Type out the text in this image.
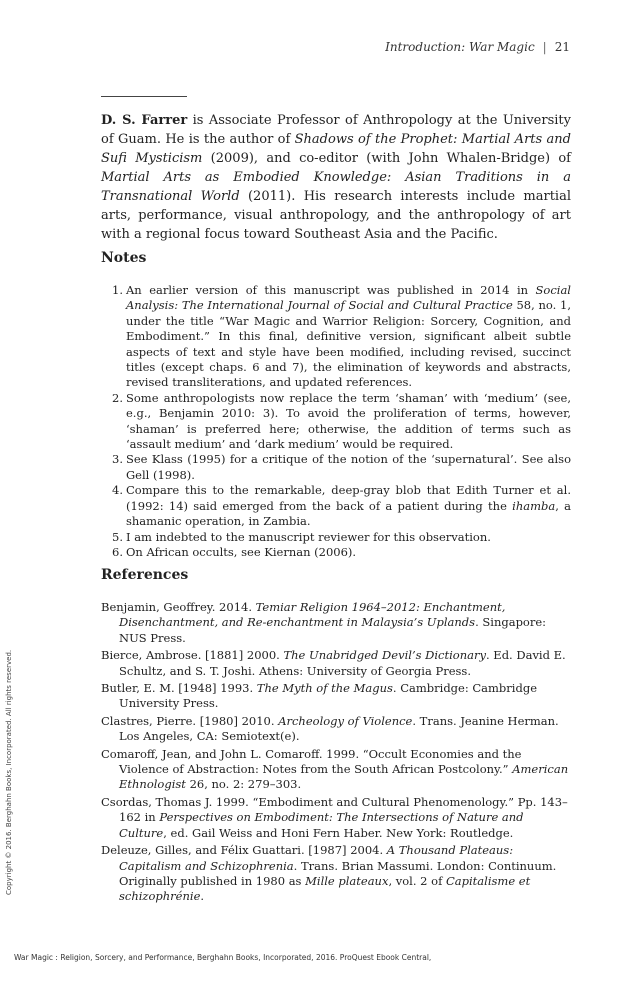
Introduction: War Magic | 21

D. S. Farrer is Associate Professor of Anthropology at the University of Guam. He is the author of Shadows of the Prophet: Martial Arts and Sufi Mysticism (2009), and co-editor (with John Whalen-Bridge) of Martial Arts as Embodied Knowledge: Asian Traditions in a Transnational World (2011). His research interests include martial arts, performance, visual anthropology, and the anthropology of art with a regional focus toward Southeast Asia and the Pacific.

Notes
1. An earlier version of this manuscript was published in 2014 in Social Analysis: The International Journal of Social and Cultural Practice 58, no. 1, under the title “War Magic and Warrior Religion: Sorcery, Cognition, and Embodiment.” In this final, definitive version, significant albeit subtle aspects of text and style have been modified, including revised, succinct titles (except chaps. 6 and 7), the elimination of keywords and abstracts, revised transliterations, and updated references.
2. Some anthropologists now replace the term ‘shaman’ with ‘medium’ (see, e.g., Benjamin 2010: 3). To avoid the proliferation of terms, however, ‘shaman’ is preferred here; otherwise, the addition of terms such as ‘assault medium’ and ‘dark medium’ would be required.
3. See Klass (1995) for a critique of the notion of the ‘supernatural’. See also Gell (1998).
4. Compare this to the remarkable, deep-gray blob that Edith Turner et al. (1992: 14) said emerged from the back of a patient during the ihamba, a shamanic operation, in Zambia.
5. I am indebted to the manuscript reviewer for this observation.
6. On African occults, see Kiernan (2006).
References
Benjamin, Geoffrey. 2014. Temiar Religion 1964–2012: Enchantment, Disenchantment, and Re-enchantment in Malaysia’s Uplands. Singapore: NUS Press.
Bierce, Ambrose. [1881] 2000. The Unabridged Devil’s Dictionary. Ed. David E. Schultz, and S. T. Joshi. Athens: University of Georgia Press.
Butler, E. M. [1948] 1993. The Myth of the Magus. Cambridge: Cambridge University Press.
Clastres, Pierre. [1980] 2010. Archeology of Violence. Trans. Jeanine Herman. Los Angeles, CA: Semiotext(e).
Comaroff, Jean, and John L. Comaroff. 1999. “Occult Economies and the Violence of Abstraction: Notes from the South African Postcolony.” American Ethnologist 26, no. 2: 279–303.
Csordas, Thomas J. 1999. “Embodiment and Cultural Phenomenology.” Pp. 143–162 in Perspectives on Embodiment: The Intersections of Nature and Culture, ed. Gail Weiss and Honi Fern Haber. New York: Routledge.
Deleuze, Gilles, and Félix Guattari. [1987] 2004. A Thousand Plateaus: Capitalism and Schizophrenia. Trans. Brian Massumi. London: Continuum. Originally published in 1980 as Mille plateaux, vol. 2 of Capitalisme et schizophrénie.
Copyright © 2016. Berghahn Books, Incorporated. All rights reserved.
War Magic : Religion, Sorcery, and Performance, Berghahn Books, Incorporated, 2016. ProQuest Ebook Central,
